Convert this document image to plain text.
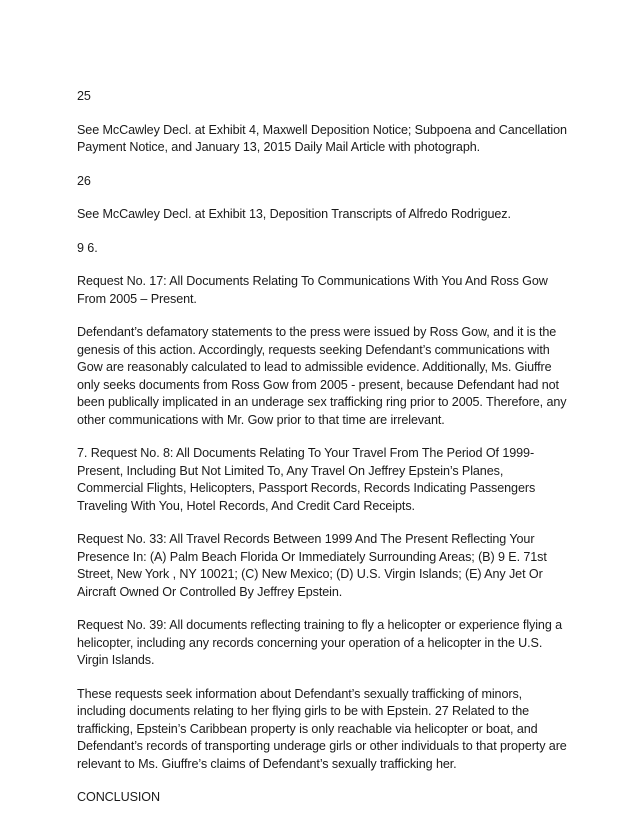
25

See McCawley Decl. at Exhibit 4, Maxwell Deposition Notice; Subpoena and Cancellation Payment Notice, and January 13, 2015 Daily Mail Article with photograph.

26

See McCawley Decl. at Exhibit 13, Deposition Transcripts of Alfredo Rodriguez.

9 6.

Request No. 17: All Documents Relating To Communications With You And Ross Gow From 2005 – Present.

Defendant’s defamatory statements to the press were issued by Ross Gow, and it is the genesis of this action. Accordingly, requests seeking Defendant’s communications with Gow are reasonably calculated to lead to admissible evidence. Additionally, Ms. Giuffre only seeks documents from Ross Gow from 2005 - present, because Defendant had not been publically implicated in an underage sex trafficking ring prior to 2005. Therefore, any other communications with Mr. Gow prior to that time are irrelevant.

7. Request No. 8: All Documents Relating To Your Travel From The Period Of 1999- Present, Including But Not Limited To, Any Travel On Jeffrey Epstein’s Planes, Commercial Flights, Helicopters, Passport Records, Records Indicating Passengers Traveling With You, Hotel Records, And Credit Card Receipts.

Request No. 33: All Travel Records Between 1999 And The Present Reflecting Your Presence In: (A) Palm Beach Florida Or Immediately Surrounding Areas; (B) 9 E. 71st Street, New York , NY 10021; (C) New Mexico; (D) U.S. Virgin Islands; (E) Any Jet Or Aircraft Owned Or Controlled By Jeffrey Epstein.

Request No. 39: All documents reflecting training to fly a helicopter or experience flying a helicopter, including any records concerning your operation of a helicopter in the U.S. Virgin Islands.

These requests seek information about Defendant’s sexually trafficking of minors, including documents relating to her flying girls to be with Epstein. 27 Related to the trafficking, Epstein’s Caribbean property is only reachable via helicopter or boat, and Defendant’s records of transporting underage girls or other individuals to that property are relevant to Ms. Giuffre’s claims of Defendant’s sexually trafficking her.

CONCLUSION
